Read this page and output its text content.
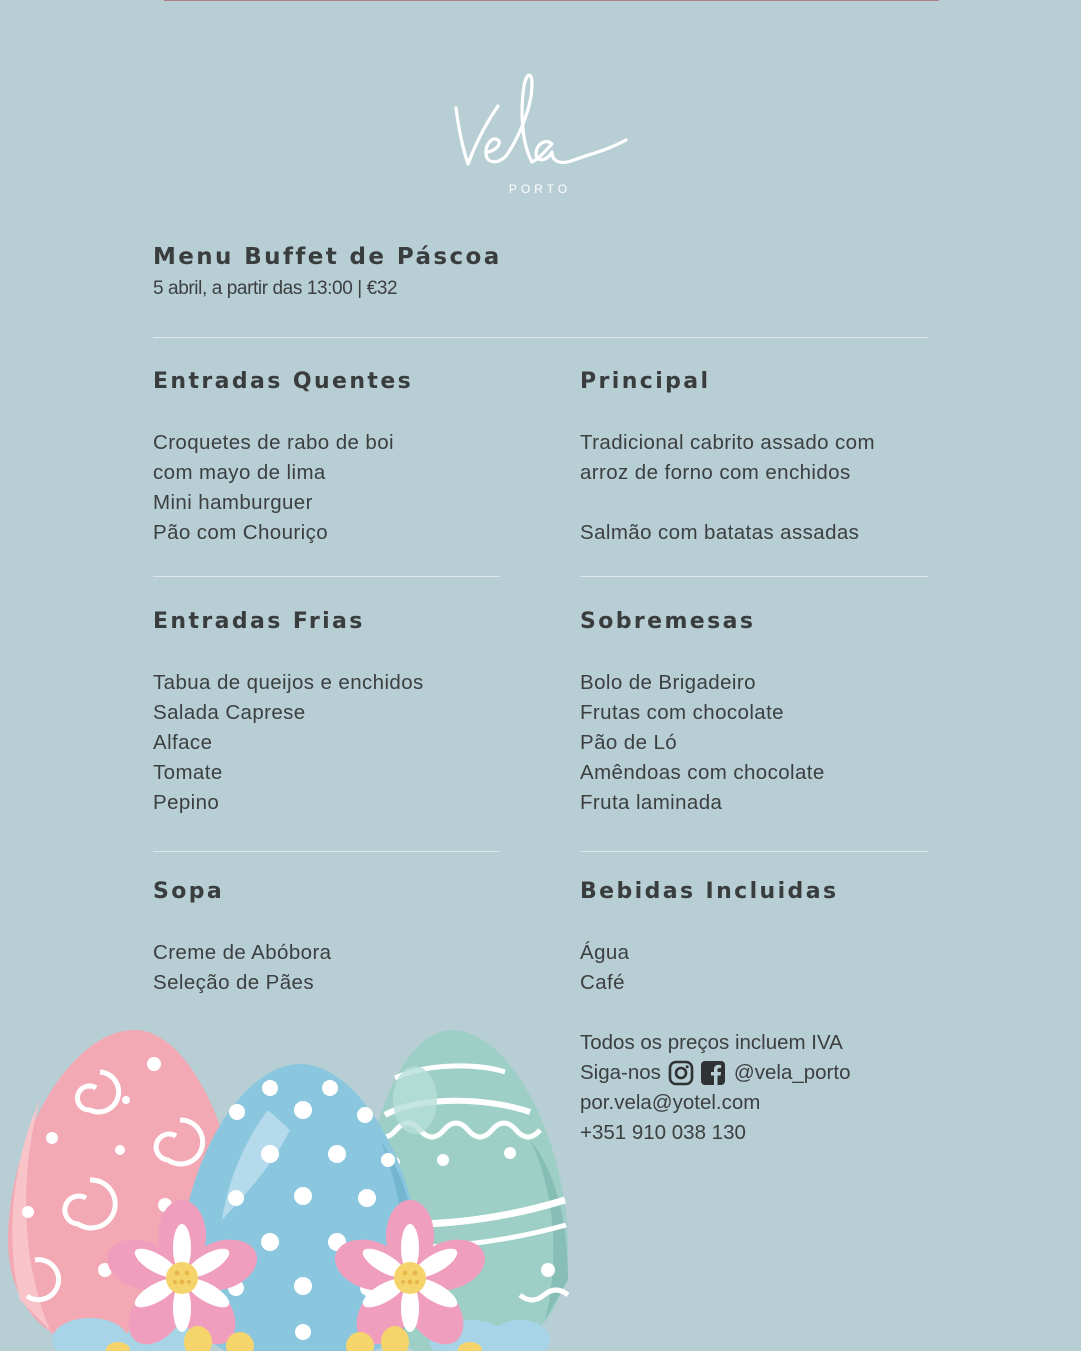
PORTO
Menu Buffet de Páscoa
5 abril, a partir das 13:00 | €32
Entradas Quentes
Croquetes de rabo de boi
com mayo de lima
Mini hamburguer
Pão com Chouriço
Principal
Tradicional cabrito assado com
arroz de forno com enchidos
Salmão com batatas assadas
Entradas Frias
Tabua de queijos e enchidos
Salada Caprese
Alface
Tomate
Pepino
Sobremesas
Bolo de Brigadeiro
Frutas com chocolate
Pão de Ló
Amêndoas com chocolate
Fruta laminada
Sopa
Creme de Abóbora
Seleção de Pães
Bebidas Incluidas
Água
Café
Todos os preços incluem IVA
Siga-nos	@vela_porto
por.vela@yotel.com
+351 910 038 130
